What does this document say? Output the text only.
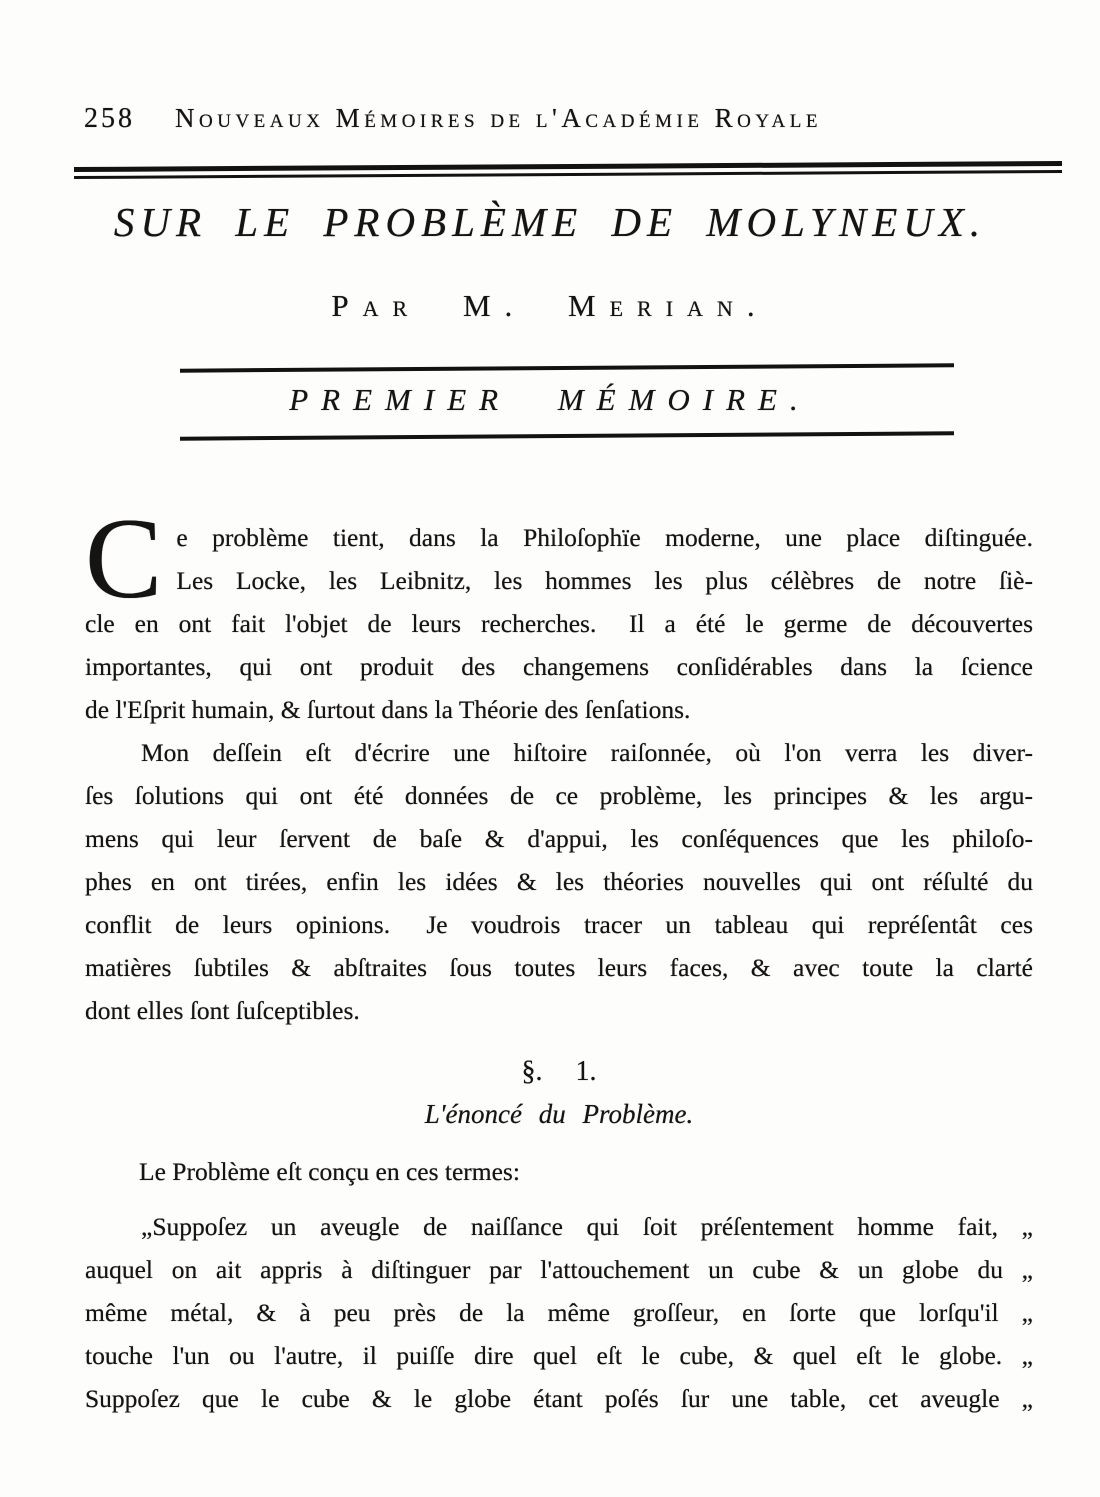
258 Nouveaux Mémoires de l'Académie Royale
SUR LE PROBLÈME DE MOLYNEUX.
Par M. Merian.
PREMIER MÉMOIRE.
C e problème tient, dans la Philoſophïe moderne, une place diſtinguée.
Les Locke, les Leibnitz, les hommes les plus célèbres de notre ſiè-
cle en ont fait l'objet de leurs recherches.  Il a été le germe de découvertes
importantes, qui ont produit des changemens conſidérables dans la ſcience
de l'Eſprit humain, & ſurtout dans la Théorie des ſenſations.
Mon deſſein eſt d'écrire une hiſtoire raiſonnée, où l'on verra les diver-
ſes ſolutions qui ont été données de ce problème, les principes & les argu-
mens qui leur ſervent de baſe & d'appui, les conſéquences que les philoſo-
phes en ont tirées, enfin les idées & les théories nouvelles qui ont réſulté du
conflit de leurs opinions.  Je voudrois tracer un tableau qui repréſentât ces
matières ſubtiles & abſtraites ſous toutes leurs faces, & avec toute la clarté
dont elles ſont ſuſceptibles.
§. 1.
L'énoncé du Problème.
Le Problème eſt conçu en ces termes:
„Suppoſez un aveugle de naiſſance qui ſoit préſentement homme fait, „
auquel on ait appris à diſtinguer par l'attouchement un cube & un globe du „
même métal, & à peu près de la même groſſeur, en ſorte que lorſqu'il „
touche l'un ou l'autre, il puiſſe dire quel eſt le cube, & quel eſt le globe. „
Suppoſez que le cube & le globe étant poſés ſur une table, cet aveugle „
